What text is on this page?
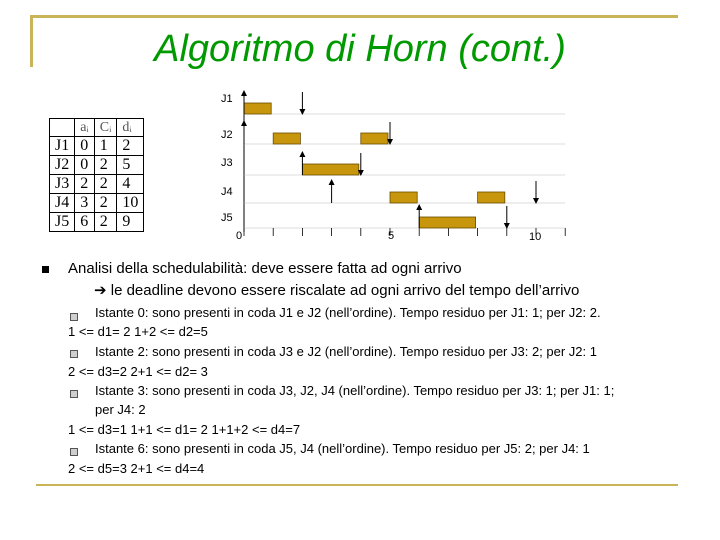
Algoritmo di Horn (cont.)
J1
J2
J3
J4
J5
0	5	10
	aᵢ	Cᵢ	dᵢ
J1	0	1	2
J2	0	2	5
J3	2	2	4
J4	3	2	10
J5	6	2	9
Analisi della schedulabilità: deve essere fatta ad ogni arrivo
➔ le deadline devono essere riscalate ad ogni arrivo del tempo dell’arrivo
Istante 0: sono presenti in coda J1 e J2 (nell’ordine). Tempo residuo per J1: 1; per J2: 2.
1 <= d1= 2 1+2 <= d2=5
Istante 2: sono presenti in coda J3 e J2 (nell’ordine). Tempo residuo per J3: 2; per J2: 1
2 <= d3=2 2+1 <= d2= 3
Istante 3: sono presenti in coda J3, J2, J4 (nell’ordine). Tempo residuo per J3: 1; per J1: 1;
per J4: 2
1 <= d3=1 1+1 <= d1= 2 1+1+2 <= d4=7
Istante 6: sono presenti in coda J5, J4 (nell’ordine). Tempo residuo per J5: 2; per J4: 1
2 <= d5=3 2+1 <= d4=4
